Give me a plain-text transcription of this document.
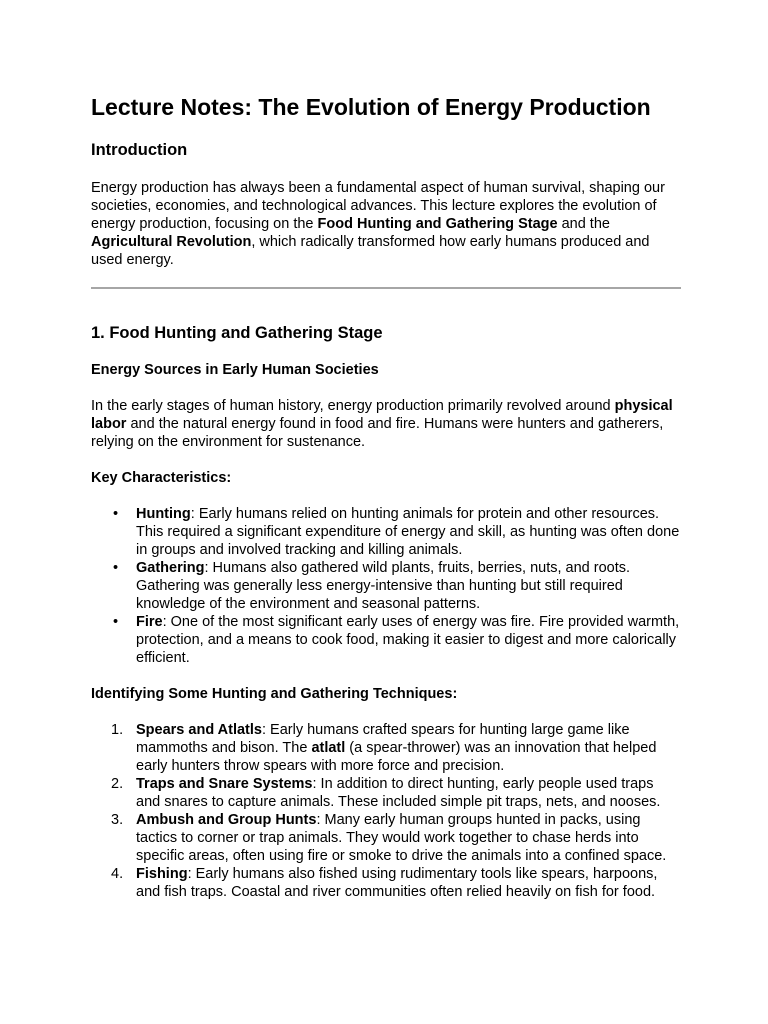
Lecture Notes: The Evolution of Energy Production
Introduction

Energy production has always been a fundamental aspect of human survival, shaping our societies, economies, and technological advances. This lecture explores the evolution of energy production, focusing on the Food Hunting and Gathering Stage and the Agricultural Revolution, which radically transformed how early humans produced and used energy.

1. Food Hunting and Gathering Stage
Energy Sources in Early Human Societies

In the early stages of human history, energy production primarily revolved around physical labor and the natural energy found in food and fire. Humans were hunters and gatherers, relying on the environment for sustenance.

Key Characteristics:
• Hunting: Early humans relied on hunting animals for protein and other resources. This required a significant expenditure of energy and skill, as hunting was often done in groups and involved tracking and killing animals.
• Gathering: Humans also gathered wild plants, fruits, berries, nuts, and roots. Gathering was generally less energy-intensive than hunting but still required knowledge of the environment and seasonal patterns.
• Fire: One of the most significant early uses of energy was fire. Fire provided warmth, protection, and a means to cook food, making it easier to digest and more calorically efficient.
Identifying Some Hunting and Gathering Techniques:
1. Spears and Atlatls: Early humans crafted spears for hunting large game like mammoths and bison. The atlatl (a spear-thrower) was an innovation that helped early hunters throw spears with more force and precision.
2. Traps and Snare Systems: In addition to direct hunting, early people used traps and snares to capture animals. These included simple pit traps, nets, and nooses.
3. Ambush and Group Hunts: Many early human groups hunted in packs, using tactics to corner or trap animals. They would work together to chase herds into specific areas, often using fire or smoke to drive the animals into a confined space.
4. Fishing: Early humans also fished using rudimentary tools like spears, harpoons, and fish traps. Coastal and river communities often relied heavily on fish for food.
